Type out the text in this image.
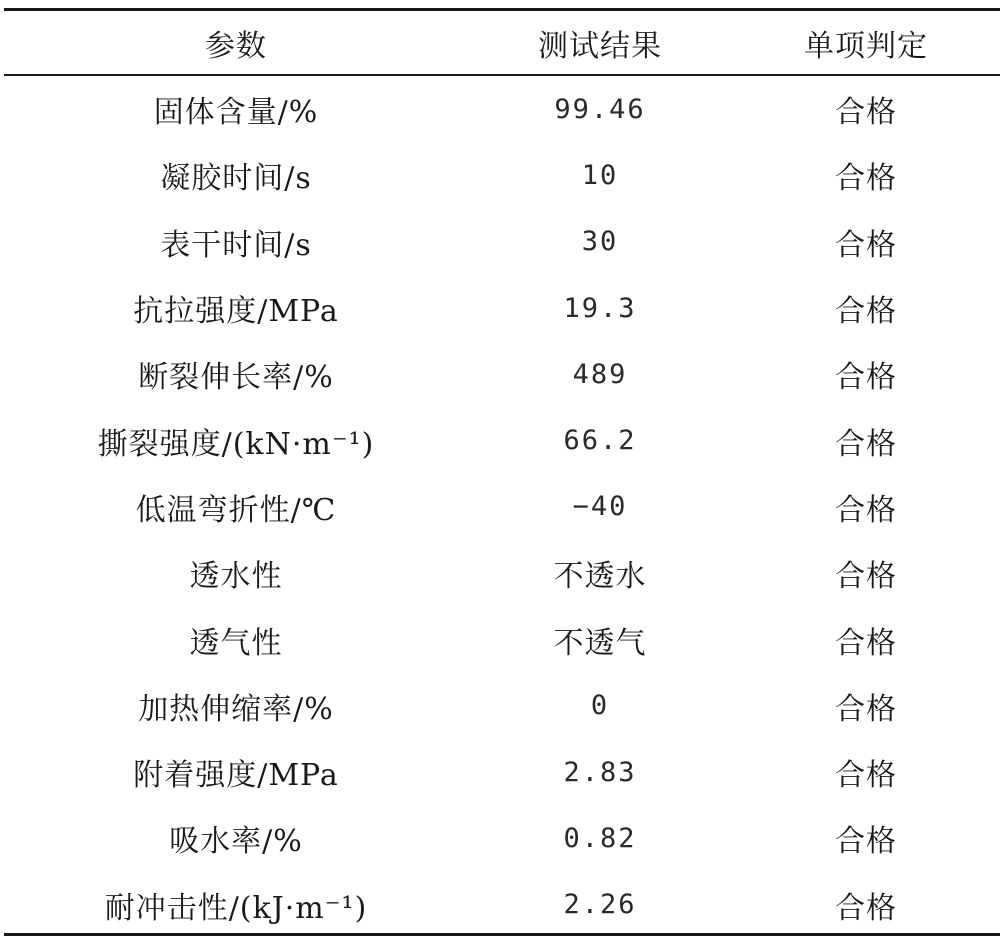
参数	测试结果	单项判定
固体含量/%	99.46	合格
凝胶时间/s	10	合格
表干时间/s	30	合格
抗拉强度/MPa	19.3	合格
断裂伸长率/%	489	合格
撕裂强度/(kN·m⁻¹)	66.2	合格
低温弯折性/℃	−40	合格
透水性	不透水	合格
透气性	不透气	合格
加热伸缩率/%	0	合格
附着强度/MPa	2.83	合格
吸水率/%	0.82	合格
耐冲击性/(kJ·m⁻¹)	2.26	合格
